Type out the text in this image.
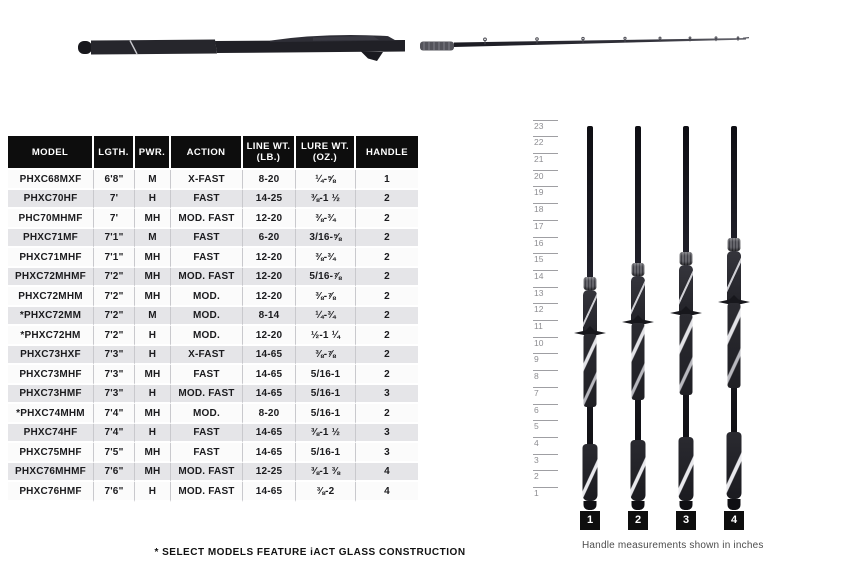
MODEL	LGTH.	PWR.	ACTION	LINE WT. (LB.)	LURE WT. (OZ.)	HANDLE
PHXC68MXF	6'8"	M	X-FAST	8-20	¼-⅝	1
PHXC70HF	7'	H	FAST	14-25	⅜-1 ½	2
PHC70MHMF	7'	MH	MOD. FAST	12-20	⅜-¾	2
PHXC71MF	7'1"	M	FAST	6-20	3/16-⅝	2
PHXC71MHF	7'1"	MH	FAST	12-20	⅜-¾	2
PHXC72MHMF	7'2"	MH	MOD. FAST	12-20	5/16-⅞	2
PHXC72MHM	7'2"	MH	MOD.	12-20	⅜-⅞	2
*PHXC72MM	7'2"	M	MOD.	8-14	¼-¾	2
*PHXC72HM	7'2"	H	MOD.	12-20	½-1 ¼	2
PHXC73HXF	7'3"	H	X-FAST	14-65	⅜-⅞	2
PHXC73MHF	7'3"	MH	FAST	14-65	5/16-1	2
PHXC73HMF	7'3"	H	MOD. FAST	14-65	5/16-1	3
*PHXC74MHM	7'4"	MH	MOD.	8-20	5/16-1	2
PHXC74HF	7'4"	H	FAST	14-65	⅜-1 ½	3
PHXC75MHF	7'5"	MH	FAST	14-65	5/16-1	3
PHXC76MHMF	7'6"	MH	MOD. FAST	12-25	⅜-1 ⅜	4
PHXC76HMF	7'6"	H	MOD. FAST	14-65	⅜-2	4
* SELECT MODELS FEATURE iACT GLASS CONSTRUCTION
1
2
3
4
5
6
7
8
9
10
11
12
13
14
15
16
17
18
19
20
21
22
23
1	2	3	4
Handle measurements shown in inches
